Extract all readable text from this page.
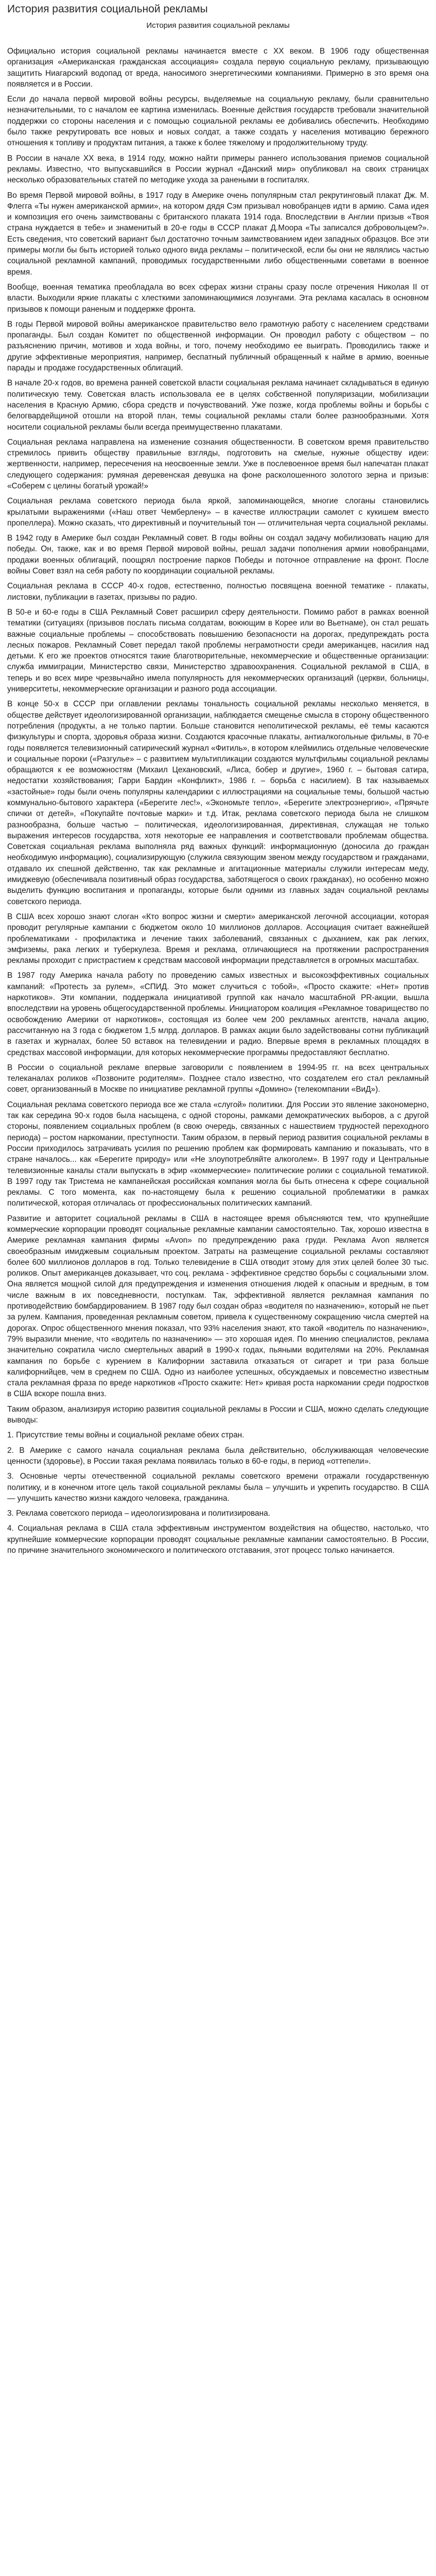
История развития социальной рекламы
История развития социальной рекламы

Официально история социальной рекламы начинается вместе с XX веком. В 1906 году общественная организация «Американская гражданская ассоциация» создала первую социальную рекламу, призывающую защитить Ниагарский водопад от вреда, наносимого энергетическими компаниями. Примерно в это время она появляется и в России.

Если до начала первой мировой войны ресурсы, выделяемые на социальную рекламу, были сравнительно незначительными, то с началом ее картина изменилась. Военные действия государств требовали значительной поддержки со стороны населения и с помощью социальной рекламы ее добивались обеспечить. Необходимо было также рекрутировать все новых и новых солдат, а также создать у населения мотивацию бережного отношения к топливу и продуктам питания, а также к более тяжелому и продолжительному труду.

В России в начале XX века, в 1914 году, можно найти примеры раннего использования приемов социальной рекламы. Известно, что выпускавшийся в России журнал «Данский мир» опубликовал на своих страницах несколько образовательных статей по методике ухода за ранеными в госпиталях.

Во время Первой мировой войны, в 1917 году в Америке очень популярным стал рекрутинговый плакат Дж. М. Флегга «Ты нужен американской армии», на котором дядя Сэм призывал новобранцев идти в армию. Сама идея и композиция его очень заимствованы с британского плаката 1914 года. Впоследствии в Англии призыв «Твоя страна нуждается в тебе» и знаменитый в 20-е годы в СССР плакат Д.Моора «Ты записался добровольцем?». Есть сведения, что советский вариант был достаточно точным заимствованием идеи западных образцов. Все эти примеры могли бы быть историей только одного вида рекламы – политической, если бы они не являлись частью социальной рекламной кампаний, проводимых государственными либо общественными советами в военное время.

Вообще, военная тематика преобладала во всех сферах жизни страны сразу после отречения Николая II от власти. Выходили яркие плакаты с хлесткими запоминающимися лозунгами. Эта реклама касалась в основном призывов к помощи раненым и поддержке фронта.

В годы Первой мировой войны американское правительство вело грамотную работу с населением средствами пропаганды. Был создан Комитет по общественной информации. Он проводил работу с обществом – по разъяснению причин, мотивов и хода войны, и того, почему необходимо ее выиграть. Проводились также и другие эффективные мероприятия, например, беспатный публичный обращенный к найме в армию, военные парады и продаже государственных облигаций.

В начале 20-х годов, во времена ранней советской власти социальная реклама начинает складываться в единую политическую тему. Советская власть использовала ее в целях собственной популяризации, мобилизации населения в Красную Армию, сбора средств и почувствований. Уже позже, когда проблемы войны и борьбы с белогвардейщиной отошли на второй план, темы социальной рекламы стали более разнообразными. Хотя носители социальной рекламы были всегда преимущественно плакатами.

Социальная реклама направлена на изменение сознания общественности. В советском время правительство стремилось привить обществу правильные взгляды, подготовить на смелые, нужные обществу идеи: жертвенности, например, пересечения на неосвоенные земли. Уже в послевоенное время был напечатан плакат следующего содержания: румяная деревенская девушка на фоне расколошенного золотого зерна и призыв: «Соберем с целины богатый урожай!»

Социальная реклама советского периода была яркой, запоминающейся, многие слоганы становились крылатыми выражениями («Наш ответ Чемберлену» – в качестве иллюстрации самолет с кукишем вместо пропеллера). Можно сказать, что директивный и поучительный тон — отличительная черта социальной рекламы.

В 1942 году в Америке был создан Рекламный совет. В годы войны он создал задачу мобилизовать нацию для победы. Он, также, как и во время Первой мировой войны, решал задачи пополнения армии новобранцами, продажи военных облигаций, поощрял построение парков Победы и поточное отправление на фронт. После войны Совет взял на себя работу по координации социальной рекламы.

Социальная реклама в СССР 40-х годов, естественно, полностью посвящена военной тематике - плакаты, листовки, публикации в газетах, призывы по радио.

В 50-е и 60-е годы в США Рекламный Совет расширил сферу деятельности. Помимо работ в рамках военной тематики (ситуациях (призывов послать письма солдатам, воюющим в Корее или во Вьетнаме), он стал решать важные социальные проблемы – способствовать повышению безопасности на дорогах, предупреждать роста лесных пожаров. Рекламный Совет передал такой проблемы негрaмотности среди американцев, насилия над детьми. К его же проектов относятся такие благотворительные, некоммерческие и общественные организации: служба иммиграции, Министерство связи, Министерство здравоохранения. Социальной рекламой в США, в теперь и во всех мире чрезвычайно имела популярность для некоммерческих организаций (церкви, больницы, университеты, некоммерческие организации и разного рода ассоциации.

В конце 50-х в СССР при оглавлении рекламы тональность социальной рекламы несколько меняется, в обществе действует идеологизированной организации, наблюдается смещенье смысла в сторону общественного потребления (продукты, а не только партии. Больше становится неполитической рекламы, её темы касаются физкультуры и спорта, здоровья образа жизни. Создаются красочные плакаты, антиалкогольные фильмы, в 70-е годы появляется телевизионный сатирический журнал «Фитиль», в котором клеймились отдельные человеческие и социальные пороки («Разгулье» – с развитием мультипликации создаются мультфильмы социальной рекламы обращаются к ее возможностям (Михаил Цехановский, «Лиса, бобер и другие», 1960 г. – бытовая сатира, недостатки хозяйствования; Гарри Бардин «Конфликт», 1986 г. – борьба с насилием). В так называемых «застойные» годы были очень популярны календарики с иллюстрациями на социальные темы, большой частью коммунально-бытового характера («Берегите лес!», «Экономьте тепло», «Берегите электроэнергию», «Прячьте спички от детей», «Покупайте почтовые марки» и т.д. Итак, реклама советского периода была не слишком разнообразна, больше частью – политическая, идеологизированная, директивная, служащая не только выражения интересов государства, хотя некоторые ее направления и соответствовали проблемам общества. Советская социальная реклама выполняла ряд важных функций: информационную (доносила до граждан необходимую информацию), социализирующую (служила связующим звеном между государством и гражданами, отдавало их спешной действенно, так как рекламные и агитационные материалы служили интересам меду, имиджевую (обеспечивала позитивный образ государства, заботящегося о своих гражданах), но особенно можно выделить функцию воспитания и пропаганды, которые были одними из главных задач социальной рекламы советского периода.

В США всех хорошо знают слоган «Кто вопрос жизни и смерти» американской легочной ассоциации, которая проводит регулярные кампании с бюджетом около 10 миллионов долларов. Ассоциация считает важнейшей проблематиками - профилактика и лечение таких заболеваний, связанных с дыханием, как рак легких, эмфиземы, рака легких и туберкулеза. Время и реклама, отличающиеся на протяжении распространения рекламы проходит с пристрастием к средствам массовой информации представляется в огромных масштабах.

В 1987 году Америка начала работу по проведению самых известных и высокоэффективных социальных кампаний: «Протесть за рулем», «СПИД. Это может случиться с тобой», «Просто скажите: «Нет» против наркотиков». Эти компании, поддержала инициативой группой как начало масштабной PR-акции, вышла впоследствии на уровень общегосударственной проблемы. Инициатором коалиция «Рекламное товарищество по освобождению Америки от наркотиков», состоящая из более чем 200 рекламных агентств, начала акцию, рассчитанную на 3 года с бюджетом 1,5 млрд. долларов. В рамках акции было задействованы сотни публикаций в газетах и журналах, более 50 вставок на телевидении и радио. Впервые время в рекламных площадях в средствах массовой информации, для которых некоммерческие программы предоставляют бесплатно.

В России о социальной рекламе впервые заговорили с появлением в 1994-95 гг. на всех центральных телеканалах роликов «Позвоните родителям». Позднее стало известно, что создателем его стал рекламный совет, организованный в Москве по инициативе рекламной группы «Домино» (телекомпании «ВиД»).

Социальная реклама советского периода все же стала «слугой» политики. Для России это явление закономерно, так как середина 90-х годов была насыщена, с одной стороны, рамками демократических выборов, а с другой стороны, появлением социальных проблем (в свою очередь, связанных с нашествием трудностей переходного периода) – ростом наркомании, преступности. Таким образом, в первый период развития социальной рекламы в России приходилось затрачивать усилия по решению проблем как формировать кампанию и показывать, что в стране началось... как «Берегите природу» или «Не злоупотребляйте алкоголем». В 1997 году и Центральные телевизионные каналы стали выпускать в эфир «коммерческие» политические ролики с социальной тематикой. В 1997 году так Тристема не кампанейская российская компания могла бы быть отнесена к сфере социальной рекламы. С того момента, как по-настоящему была к решению социальной проблематики в рамках политической, которая отличалась от профессиональных политических кампаний.

Развитие и авторитет социальной рекламы в США в настоящее время объясняются тем, что крупнейшие коммерческие корпорации проводят социальные рекламные кампании самостоятельно. Так, хорошо известна в Америке рекламная кампания фирмы «Avon» по предупреждению рака груди. Реклама Avon является своеобразным имиджевым социальным проектом. Затраты на размещение социальной рекламы составляют более 600 миллионов долларов в год. Только телевидение в США отводит этому для этих целей более 30 тыс. роликов. Опыт американцев доказывает, что соц. реклама - эффективное средство борьбы с социальными злом. Она является мощной силой для предупреждения и изменения отношения людей к опасным и вредным, в том числе важным в их повседневности, поступкам. Так, эффективной является рекламная кампания по противодействию бомбардированием. В 1987 году был создан образ «водителя по назначению», который не пьет за рулем. Кампания, проведенная рекламным советом, привела к существенному сокращению числа смертей на дорогах. Опрос общественного мнения показал, что 93% населения знают, кто такой «водитель по назначению», 79% выразили мнение, что «водитель по назначению» — это хорошая идея. По мнению специалистов, реклама значительно сократила число смертельных аварий в 1990-х годах, пьяными водителями на 20%. Рекламная кампания по борьбе с курением в Калифорнии заставила отказаться от сигарет и три раза больше калифорнийцев, чем в среднем по США. Одно из наиболее успешных, обсуждаемых и повсеместно известным стала рекламная фраза по вреде наркотиков «Просто скажите: Нет» кривая роста наркомании среди подростков в США вскоре пошла вниз.

Таким образом, анализируя историю развития социальной рекламы в России и США, можно сделать следующие выводы:

1. Присутствие темы войны и социальной рекламе обеих стран.

2. В Америке с самого начала социальная реклама была действительно, обслуживающая человеческие ценности (здоровье), в России такая реклама появилась только в 60-е годы, в период «оттепели».

3. Основные черты отечественной социальной рекламы советского времени отражали государственную политику, и в конечном итоге цель такой социальной рекламы была – улучшить и укрепить государство. В США — улучшить качество жизни каждого человека, гражданина.

3. Реклама советского периода – идеологизирована и политизирована.

4. Социальная реклама в США стала эффективным инструментом воздействия на общество, настолько, что крупнейшие коммерческие корпорации проводят социальные рекламные кампании самостоятельно. В России, по причине значительного экономического и политического отставания, этот процесс только начинается.
